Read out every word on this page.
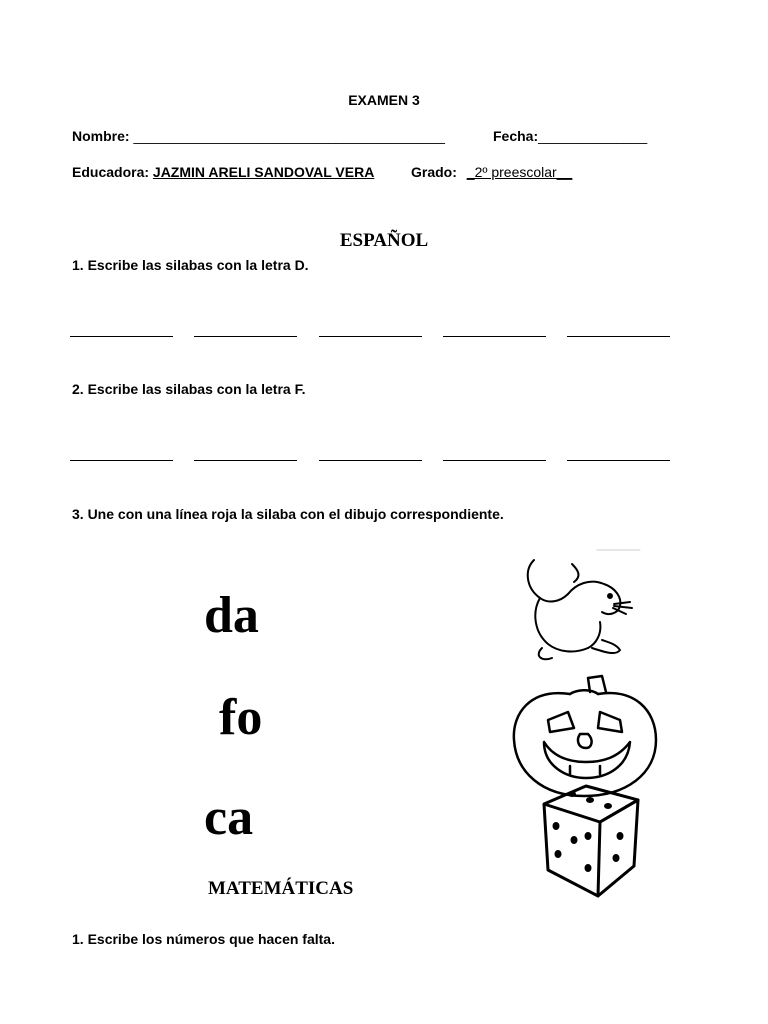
EXAMEN 3
Nombre: ________________________________________	Fecha:______________
Educadora: JAZMIN ARELI SANDOVAL VERA	Grado: _2º preescolar__
ESPAÑOL
1. Escribe las silabas con la letra D.
2. Escribe las silabas con la letra F.
3. Une con una línea roja la silaba con el dibujo correspondiente.
da
fo
ca
MATEMÁTICAS
1. Escribe los números que hacen falta.
